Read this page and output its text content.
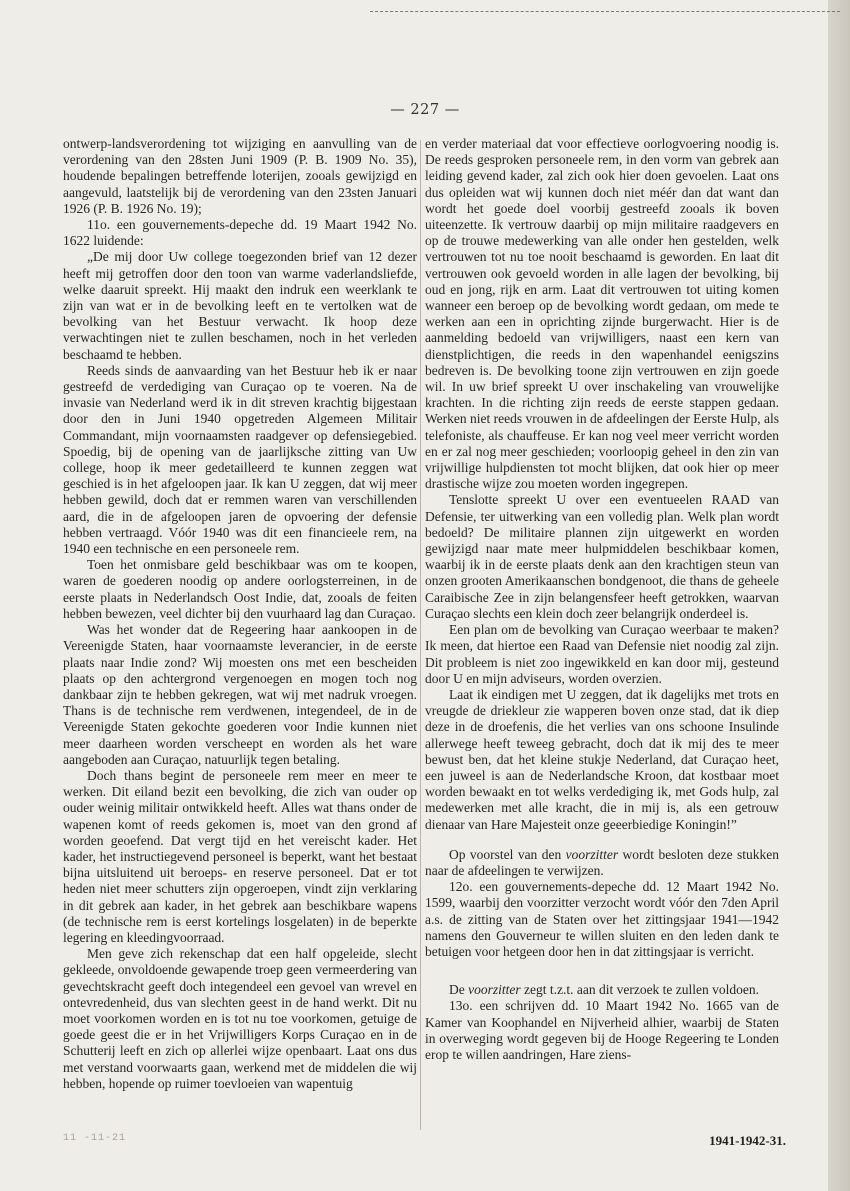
— 227 —

ontwerp-landsverordening tot wijziging en aanvulling van de verordening van den 28sten Juni 1909 (P. B. 1909 No. 35), houdende bepalingen betreffende loterijen, zooals gewijzigd en aangevuld, laatstelijk bij de verordening van den 23sten Januari 1926 (P. B. 1926 No. 19);

11o. een gouvernements-depeche dd. 19 Maart 1942 No. 1622 luidende:

„De mij door Uw college toegezonden brief van 12 dezer heeft mij getroffen door den toon van warme vaderlandsliefde, welke daaruit spreekt. Hij maakt den indruk een weerklank te zijn van wat er in de bevolking leeft en te vertolken wat de bevolking van het Bestuur verwacht. Ik hoop deze verwachtingen niet te zullen beschamen, noch in het verleden beschaamd te hebben.

Reeds sinds de aanvaarding van het Bestuur heb ik er naar gestreefd de verdediging van Curaçao op te voeren. Na de invasie van Nederland werd ik in dit streven krachtig bijgestaan door den in Juni 1940 opgetreden Algemeen Militair Commandant, mijn voornaamsten raadgever op defensiegebied. Spoedig, bij de opening van de jaarlijksche zitting van Uw college, hoop ik meer gedetailleerd te kunnen zeggen wat geschied is in het afgeloopen jaar. Ik kan U zeggen, dat wij meer hebben gewild, doch dat er remmen waren van verschillenden aard, die in de afgeloopen jaren de opvoering der defensie hebben vertraagd. Vóór 1940 was dit een financieele rem, na 1940 een technische en een personeele rem.

Toen het onmisbare geld beschikbaar was om te koopen, waren de goederen noodig op andere oorlogsterreinen, in de eerste plaats in Nederlandsch Oost Indie, dat, zooals de feiten hebben bewezen, veel dichter bij den vuurhaard lag dan Curaçao.

Was het wonder dat de Regeering haar aankoopen in de Vereenigde Staten, haar voornaamste leverancier, in de eerste plaats naar Indie zond? Wij moesten ons met een bescheiden plaats op den achtergrond vergenoegen en mogen toch nog dankbaar zijn te hebben gekregen, wat wij met nadruk vroegen. Thans is de technische rem verdwenen, integendeel, de in de Vereenigde Staten gekochte goederen voor Indie kunnen niet meer daarheen worden verscheept en worden als het ware aangeboden aan Curaçao, natuurlijk tegen betaling.

Doch thans begint de personeele rem meer en meer te werken. Dit eiland bezit een bevolking, die zich van ouder op ouder weinig militair ontwikkeld heeft. Alles wat thans onder de wapenen komt of reeds gekomen is, moet van den grond af worden geoefend. Dat vergt tijd en het vereischt kader. Het kader, het instructiegevend personeel is beperkt, want het bestaat bijna uitsluitend uit beroeps- en reserve personeel. Dat er tot heden niet meer schutters zijn opgeroepen, vindt zijn verklaring in dit gebrek aan kader, in het gebrek aan beschikbare wapens (de technische rem is eerst kortelings losgelaten) in de beperkte legering en kleedingvoorraad.

Men geve zich rekenschap dat een half opgeleide, slecht gekleede, onvoldoende gewapende troep geen vermeerdering van gevechtskracht geeft doch integendeel een gevoel van wrevel en ontevredenheid, dus van slechten geest in de hand werkt. Dit nu moet voorkomen worden en is tot nu toe voorkomen, getuige de goede geest die er in het Vrijwilligers Korps Curaçao en in de Schutterij leeft en zich op allerlei wijze openbaart. Laat ons dus met verstand voorwaarts gaan, werkend met de middelen die wij hebben, hopende op ruimer toevloeien van wapentuig

en verder materiaal dat voor effectieve oorlogvoering noodig is. De reeds gesproken personeele rem, in den vorm van gebrek aan leiding gevend kader, zal zich ook hier doen gevoelen. Laat ons dus opleiden wat wij kunnen doch niet méér dan dat want dan wordt het goede doel voorbij gestreefd zooals ik boven uiteenzette. Ik vertrouw daarbij op mijn militaire raadgevers en op de trouwe medewerking van alle onder hen gestelden, welk vertrouwen tot nu toe nooit beschaamd is geworden. En laat dit vertrouwen ook gevoeld worden in alle lagen der bevolking, bij oud en jong, rijk en arm. Laat dit vertrouwen tot uiting komen wanneer een beroep op de bevolking wordt gedaan, om mede te werken aan een in oprichting zijnde burgerwacht. Hier is de aanmelding bedoeld van vrijwilligers, naast een kern van dienstplichtigen, die reeds in den wapenhandel eenigszins bedreven is. De bevolking toone zijn vertrouwen en zijn goede wil. In uw brief spreekt U over inschakeling van vrouwelijke krachten. In die richting zijn reeds de eerste stappen gedaan. Werken niet reeds vrouwen in de afdeelingen der Eerste Hulp, als telefoniste, als chauffeuse. Er kan nog veel meer verricht worden en er zal nog meer geschieden; voorloopig geheel in den zin van vrijwillige hulpdiensten tot mocht blijken, dat ook hier op meer drastische wijze zou moeten worden ingegrepen.

Tenslotte spreekt U over een eventueelen RAAD van Defensie, ter uitwerking van een volledig plan. Welk plan wordt bedoeld? De militaire plannen zijn uitgewerkt en worden gewijzigd naar mate meer hulpmiddelen beschikbaar komen, waarbij ik in de eerste plaats denk aan den krachtigen steun van onzen grooten Amerikaanschen bondgenoot, die thans de geheele Caraibische Zee in zijn belangensfeer heeft getrokken, waarvan Curaçao slechts een klein doch zeer belangrijk onderdeel is.

Een plan om de bevolking van Curaçao weerbaar te maken? Ik meen, dat hiertoe een Raad van Defensie niet noodig zal zijn. Dit probleem is niet zoo ingewikkeld en kan door mij, gesteund door U en mijn adviseurs, worden overzien.

Laat ik eindigen met U zeggen, dat ik dagelijks met trots en vreugde de driekleur zie wapperen boven onze stad, dat ik diep deze in de droefenis, die het verlies van ons schoone Insulinde allerwege heeft teweeg gebracht, doch dat ik mij des te meer bewust ben, dat het kleine stukje Nederland, dat Curaçao heet, een juweel is aan de Nederlandsche Kroon, dat kostbaar moet worden bewaakt en tot welks verdediging ik, met Gods hulp, zal medewerken met alle kracht, die in mij is, als een getrouw dienaar van Hare Majesteit onze geeerbiedige Koningin!”

Op voorstel van den voorzitter wordt besloten deze stukken naar de afdeelingen te verwijzen.

12o. een gouvernements-depeche dd. 12 Maart 1942 No. 1599, waarbij den voorzitter verzocht wordt vóór den 7den April a.s. de zitting van de Staten over het zittingsjaar 1941—1942 namens den Gouverneur te willen sluiten en den leden dank te betuigen voor hetgeen door hen in dat zittingsjaar is verricht.

De voorzitter zegt t.z.t. aan dit verzoek te zullen voldoen.

13o. een schrijven dd. 10 Maart 1942 No. 1665 van de Kamer van Koophandel en Nijverheid alhier, waarbij de Staten in overweging wordt gegeven bij de Hooge Regeering te Londen erop te willen aandringen, Hare ziens-

11 -11-21	1941-1942-31.
